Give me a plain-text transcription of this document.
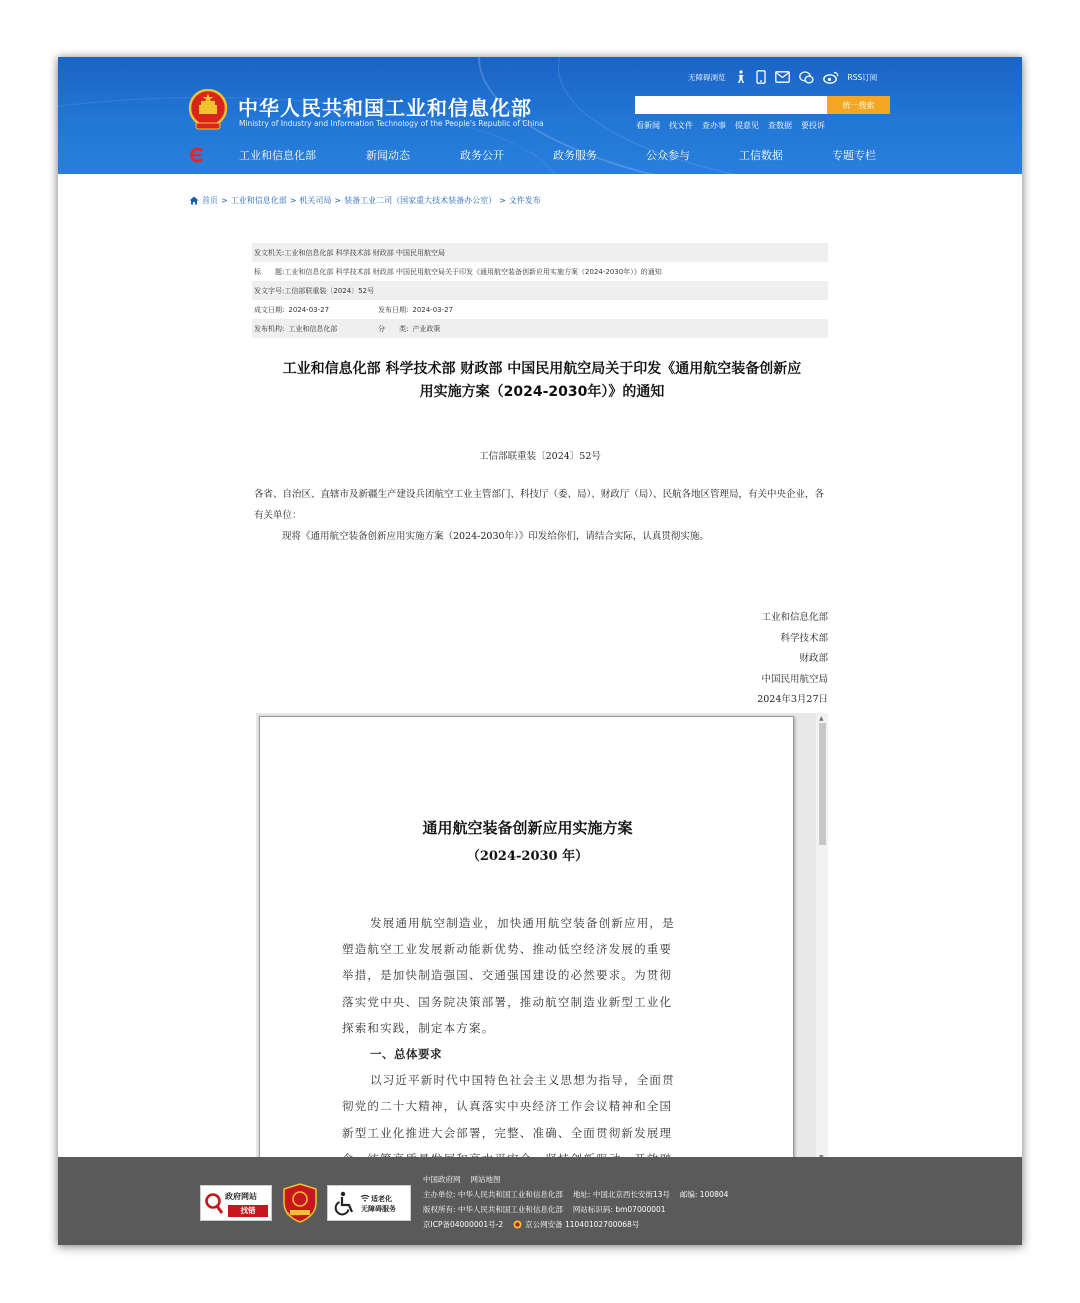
中华人民共和国工业和信息化部
Ministry of Industry and Information Technology of the People's Republic of China
无障碍浏览	RSS订阅
统一搜索
看新闻 找文件 查办事 提意见 查数据 要投诉
工业和信息化部	新闻动态	政务公开	政务服务	公众参与	工信数据	专题专栏
首页 > 工业和信息化部 > 机关司局 > 装备工业二司（国家重大技术装备办公室） > 文件发布
发文机关: 工业和信息化部 科学技术部 财政部 中国民用航空局
标　　题: 工业和信息化部 科学技术部 财政部 中国民用航空局关于印发《通用航空装备创新应用实施方案（2024-2030年）》的通知
发文字号: 工信部联重装〔2024〕52号
成文日期: 2024-03-27	发布日期: 2024-03-27
发布机构: 工业和信息化部	分　　类: 产业政策
工业和信息化部 科学技术部 财政部 中国民用航空局关于印发《通用航空装备创新应
用实施方案（2024-2030年）》的通知
工信部联重装〔2024〕52号

各省、自治区、直辖市及新疆生产建设兵团航空工业主管部门、科技厅（委、局）、财政厅（局）、民航各地区管理局，有关中央企业，各有关单位：

现将《通用航空装备创新应用实施方案（2024-2030年）》印发给你们，请结合实际，认真贯彻实施。

工业和信息化部
科学技术部
财政部
中国民用航空局
2024年3月27日
通用航空装备创新应用实施方案
（2024-2030 年）

发展通用航空制造业，加快通用航空装备创新应用，是

塑造航空工业发展新动能新优势、推动低空经济发展的重要

举措，是加快制造强国、交通强国建设的必然要求。为贯彻

落实党中央、国务院决策部署，推动航空制造业新型工业化

探索和实践，制定本方案。

一、总体要求

以习近平新时代中国特色社会主义思想为指导，全面贯

彻党的二十大精神，认真落实中央经济工作会议精神和全国

新型工业化推进大会部署，完整、准确、全面贯彻新发展理

▲
政府网站
找错	党政机关
适老化
无障碍服务
中国政府网 网站地图
主办单位: 中华人民共和国工业和信息化部 地址: 中国北京西长安街13号 邮编: 100804
版权所有: 中华人民共和国工业和信息化部 网站标识码: bm07000001
京ICP备04000001号-2	京公网安备 11040102700068号
